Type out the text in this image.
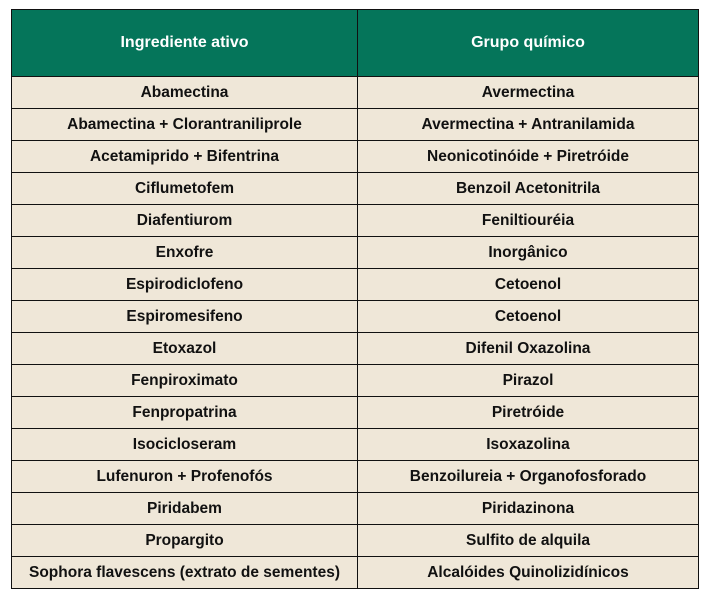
Ingrediente ativo	Grupo químico
Abamectina	Avermectina
Abamectina + Clorantraniliprole	Avermectina + Antranilamida
Acetamiprido + Bifentrina	Neonicotinóide + Piretróide
Ciflumetofem	Benzoil Acetonitrila
Diafentiurom	Feniltiouréia
Enxofre	Inorgânico
Espirodiclofeno	Cetoenol
Espiromesifeno	Cetoenol
Etoxazol	Difenil Oxazolina
Fenpiroximato	Pirazol
Fenpropatrina	Piretróide
Isocicloseram	Isoxazolina
Lufenuron + Profenofós	Benzoilureia + Organofosforado
Piridabem	Piridazinona
Propargito	Sulfito de alquila
Sophora flavescens (extrato de sementes)	Alcalóides Quinolizidínicos
